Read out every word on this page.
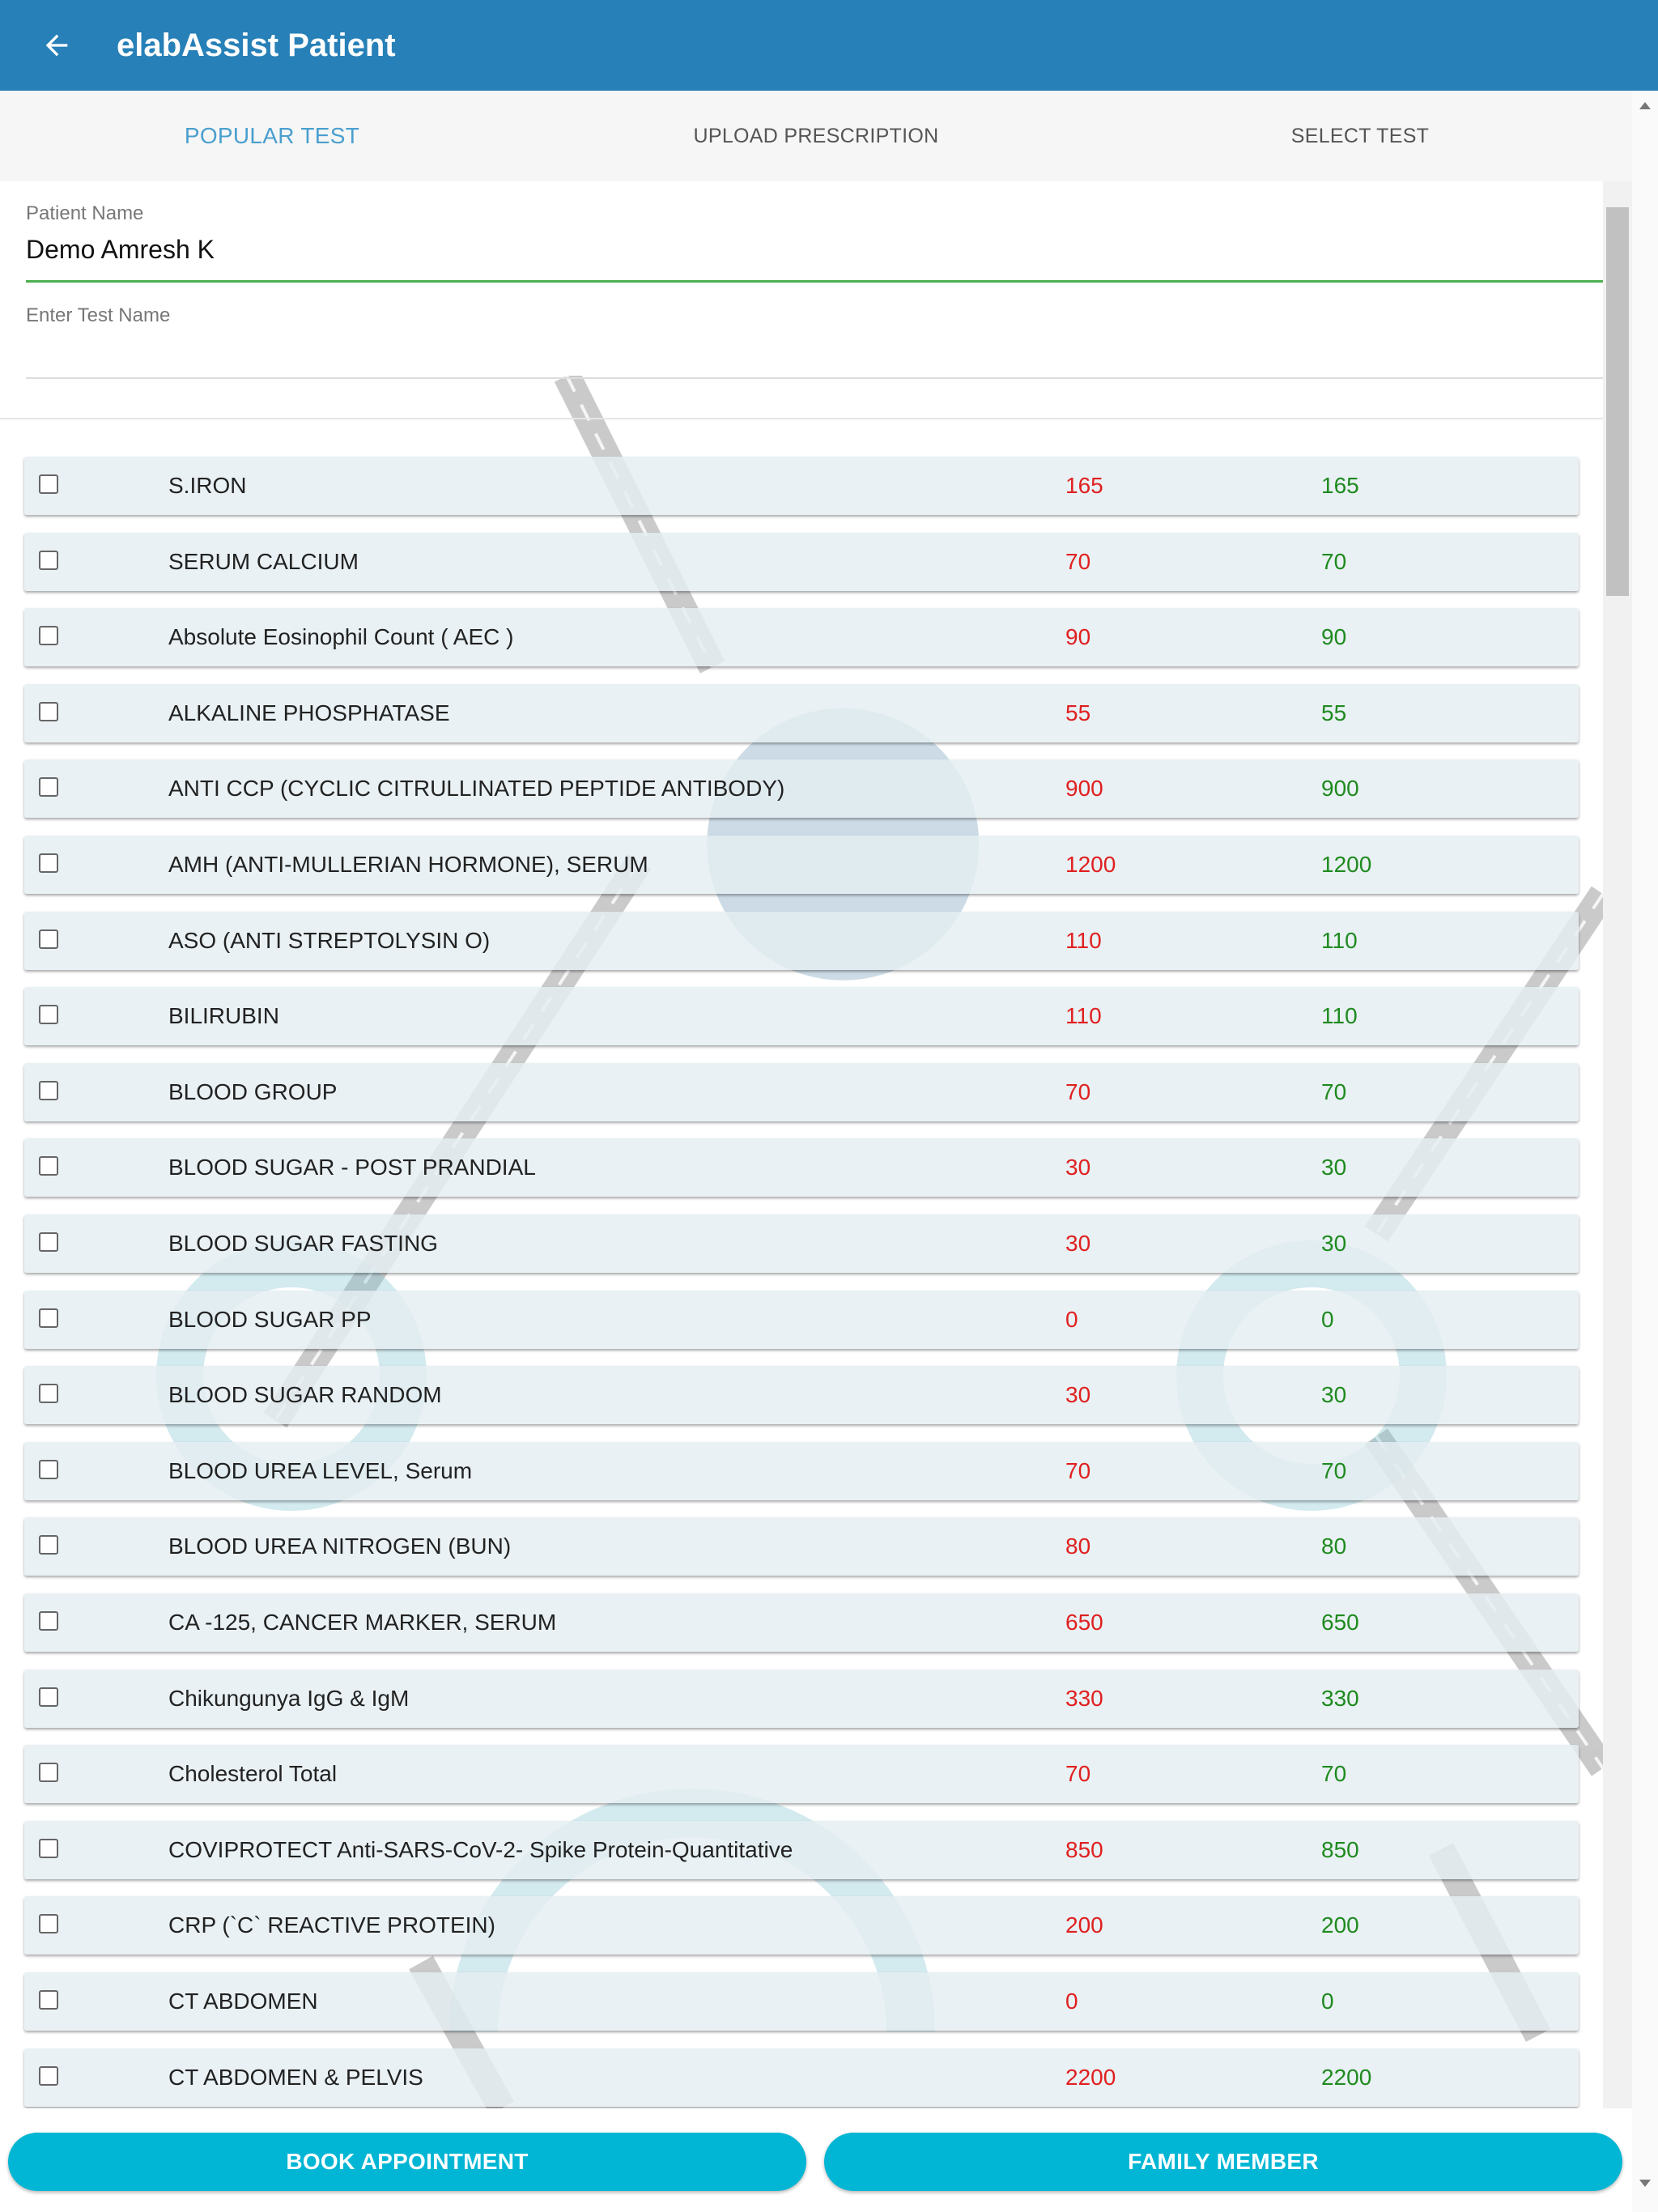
elabAssist Patient
POPULAR TEST	UPLOAD PRESCRIPTION	SELECT TEST
Patient Name
Demo Amresh K
Enter Test Name
S.IRON	165	165
SERUM CALCIUM	70	70
Absolute Eosinophil Count ( AEC )	90	90
ALKALINE PHOSPHATASE	55	55
ANTI CCP (CYCLIC CITRULLINATED PEPTIDE ANTIBODY)	900	900
AMH (ANTI-MULLERIAN HORMONE), SERUM	1200	1200
ASO (ANTI STREPTOLYSIN O)	110	110
BILIRUBIN	110	110
BLOOD GROUP	70	70
BLOOD SUGAR - POST PRANDIAL	30	30
BLOOD SUGAR FASTING	30	30
BLOOD SUGAR PP	0	0
BLOOD SUGAR RANDOM	30	30
BLOOD UREA LEVEL, Serum	70	70
BLOOD UREA NITROGEN (BUN)	80	80
CA -125, CANCER MARKER, SERUM	650	650
Chikungunya IgG & IgM	330	330
Cholesterol Total	70	70
COVIPROTECT Anti-SARS-CoV-2- Spike Protein-Quantitative	850	850
CRP (`C` REACTIVE PROTEIN)	200	200
CT ABDOMEN	0	0
CT ABDOMEN & PELVIS	2200	2200
BOOK APPOINTMENT	FAMILY MEMBER
